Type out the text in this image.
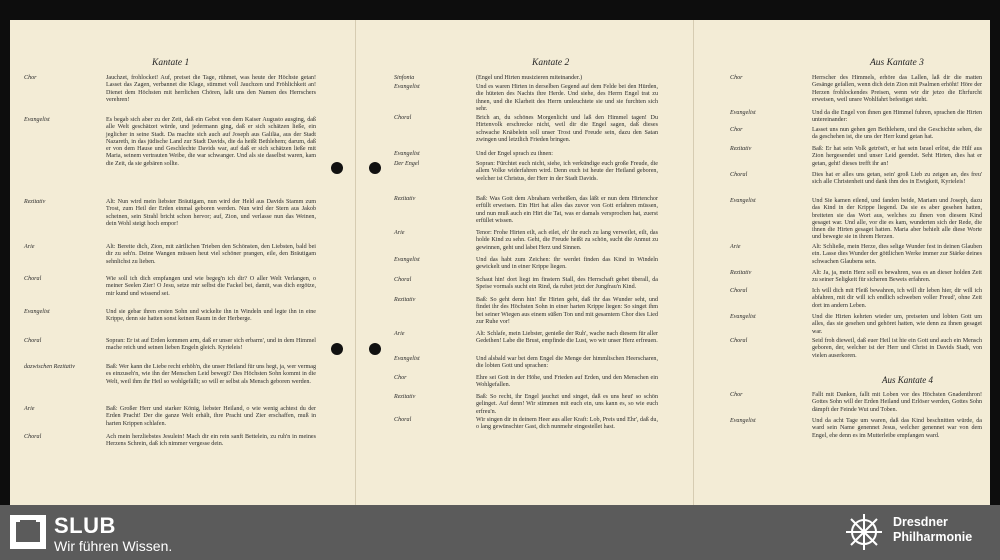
Kantate 1
Chor	Jauchzet, frohlocket! Auf, preiset die Tage, rühmet, was heute der Höchste getan! Lasset das Zagen, verbannet die Klage, stimmet voll Jauchzen und Fröhlichkeit an! Dienet dem Höchsten mit herrlichen Chören, laßt uns den Namen des Herrschers verehren!
Evangelist	Es begab sich aber zu der Zeit, daß ein Gebot von dem Kaiser Augusto ausging, daß alle Welt geschätzet würde, und jedermann ging, daß er sich schätzen ließe, ein jeglicher in seine Stadt. Da machte sich auch auf Joseph aus Galiläa, aus der Stadt Nazareth, in das jüdische Land zur Stadt Davids, die da heißt Bethlehem; darum, daß er von dem Hause und Geschlechte Davids war, auf daß er sich schätzen ließe mit Maria, seinem vertrauten Weibe, die war schwanger. Und als sie daselbst waren, kam die Zeit, da sie gebären sollte.
Rezitativ	Alt: Nun wird mein liebster Bräutigam, nun wird der Held aus Davids Stamm zum Trost, zum Heil der Erden einmal geboren werden. Nun wird der Stern aus Jakob scheinen, sein Strahl bricht schon hervor; auf, Zion, und verlasse nun das Weinen, dein Wohl steigt hoch empor!
Arie	Alt: Bereite dich, Zion, mit zärtlichen Trieben den Schönsten, den Liebsten, bald bei dir zu seh'n. Deine Wangen müssen heut viel schöner prangen, eile, den Bräutigam sehnlichst zu lieben.
Choral	Wie soll ich dich empfangen und wie begeg'n ich dir? O aller Welt Verlangen, o meiner Seelen Zier! O Jesu, setze mir selbst die Fackel bei, damit, was dich ergötze, mir kund und wissend sei.
Evangelist	Und sie gebar ihren ersten Sohn und wickelte ihn in Windeln und legte ihn in eine Krippe, denn sie hatten sonst keinen Raum in der Herberge.
Choral	Sopran: Er ist auf Erden kommen arm, daß er unser sich erbarm', und in dem Himmel mache reich und seinen lieben Engeln gleich. Kyrieleis!
dazwischen Rezitativ	Baß: Wer kann die Liebe recht erhöh'n, die unser Heiland für uns hegt, ja, wer vermag es einzuseh'n, wie ihn der Menschen Leid bewegt? Des Höchsten Sohn kommt in die Welt, weil ihm ihr Heil so wohlgefällt; so will er selbst als Mensch geboren werden.
Arie	Baß: Großer Herr und starker König, liebster Heiland, o wie wenig achtest du der Erden Pracht! Der die ganze Welt erhält, ihre Pracht und Zier erschaffen, muß in harten Krippen schlafen.
Choral	Ach mein herzliebstes Jesulein! Mach dir ein rein sanft Bettelein, zu ruh'n in meines Herzens Schrein, daß ich nimmer vergesse dein.
Kantate 2
Sinfonia	(Engel und Hirten musizieren miteinander.)
Evangelist	Und es waren Hirten in derselben Gegend auf dem Felde bei den Hürden, die hüteten des Nachts ihre Herde. Und siehe, des Herrn Engel trat zu ihnen, und die Klarheit des Herrn umleuchtete sie und sie furchten sich sehr.
Choral	Brich an, du schönes Morgenlicht und laß den Himmel tagen! Du Hirtenvolk erschrecke nicht, weil dir die Engel sagen, daß dieses schwache Knäbelein soll unser Trost und Freude sein, dazu den Satan zwingen und letztlich Frieden bringen.
Evangelist	Und der Engel sprach zu ihnen:
Der Engel	Sopran: Fürchtet euch nicht, siehe, ich verkündige euch große Freude, die allem Volke widerfahren wird. Denn euch ist heute der Heiland geboren, welcher ist Christus, der Herr in der Stadt Davids.
Rezitativ	Baß: Was Gott dem Abraham verheißen, das läßt er nun dem Hirtenchor erfüllt erweisen. Ein Hirt hat alles das zuvor von Gott erfahren müssen, und nun muß auch ein Hirt die Tat, was er damals versprochen hat, zuerst erfüllet wissen.
Arie	Tenor: Frohe Hirten eilt, ach eilet, eh' ihr euch zu lang verweilet, eilt, das holde Kind zu sehn. Geht, die Freude heißt zu schön, sucht die Anmut zu gewinnen, geht und labet Herz und Sinnen.
Evangelist	Und das habt zum Zeichen: ihr werdet finden das Kind in Windeln gewickelt und in einer Krippe liegen.
Choral	Schaut hin! dort liegt im finstern Stall, des Herrschaft gehet überall, da Speise vormals sucht ein Rind, da ruhet jetzt der Jungfrau'n Kind.
Rezitativ	Baß: So geht denn hin! Ihr Hirten geht, daß ihr das Wunder seht, und findet ihr des Höchsten Sohn in einer harten Krippe liegen: So singet ihm bei seiner Wiegen aus einem süßen Ton und mit gesamtem Chor dies Lied zur Ruhe vor!
Arie	Alt: Schlafe, mein Liebster, genieße der Ruh', wache nach diesem für aller Gedeihen! Labe die Brust, empfinde die Lust, wo wir unser Herz erfreuen.
Evangelist	Und alsbald war bei dem Engel die Menge der himmlischen Heerscharen, die lobten Gott und sprachen:
Chor	Ehre sei Gott in der Höhe, und Frieden auf Erden, und den Menschen ein Wohlgefallen.
Rezitativ	Baß: So recht, ihr Engel jauchzt und singet, daß es uns heut' so schön gelinget. Auf denn! Wir stimmen mit euch ein, uns kann es, so wie euch erfreu'n.
Choral	Wir singen dir in deinem Heer aus aller Kraft: Lob, Preis und Ehr', daß du, o lang gewünschter Gast, dich nunmehr eingestellet hast.
Aus Kantate 3
Chor	Herrscher des Himmels, erhöre das Lallen, laß dir die matten Gesänge gefallen, wenn dich dein Zion mit Psalmen erhöht! Höre der Herzen frohlockendes Preisen, wenn wir dir jetzo die Ehrfurcht erweisen, weil unsre Wohlfahrt befestiget steht.
Evangelist	Und da die Engel von ihnen gen Himmel fuhren, sprachen die Hirten untereinander:
Chor	Lasset uns nun gehen gen Bethlehem, und die Geschichte sehen, die da geschehen ist, die uns der Herr kund getan hat.
Rezitativ	Baß: Er hat sein Volk getröst't, er hat sein Israel erlöst, die Hilf aus Zion hergesendet und unser Leid geendet. Seht Hirten, dies hat er getan, geht! dieses trefft ihr an!
Choral	Dies hat er alles uns getan, sein' groß Lieb zu zeigen an, des freu' sich alle Christenheit und dank ihm des in Ewigkeit, Kyrieleis!
Evangelist	Und Sie kamen eilend, und fanden beide, Mariam und Joseph, dazu das Kind in der Krippe liegend. Da sie es aber gesehen hatten, breiteten sie das Wort aus, welches zu ihnen von diesem Kind gesaget war. Und alle, vor die es kam, wunderten sich der Rede, die ihnen die Hirten gesaget hatten. Maria aber behielt alle diese Worte und bewegte sie in ihrem Herzen.
Arie	Alt: Schließe, mein Herze, dies selige Wunder fest in deinen Glauben ein. Lasse dies Wunder der göttlichen Werke immer zur Stärke deines schwachen Glaubens sein.
Rezitativ	Alt: Ja, ja, mein Herz soll es bewahren, was es an dieser holden Zeit zu seiner Seligkeit für sicheren Beweis erfahren.
Choral	Ich will dich mit Fleiß bewahren, ich will dir leben hier, dir will ich abfahren, mit dir will ich endlich schweben voller Freud', ohne Zeit dort im andern Leben.
Evangelist	Und die Hirten kehrten wieder um, preiseten und lobten Gott um alles, das sie gesehen und gehöret hatten, wie denn zu ihnen gesaget war.
Choral	Seid froh dieweil, daß euer Heil ist hie ein Gott und auch ein Mensch geboren, der, welcher ist der Herr und Christ in Davids Stadt, von vielen auserkoren.
Aus Kantate 4
Chor	Fallt mit Danken, fallt mit Loben vor des Höchsten Gnadenthron! Gottes Sohn will der Erden Heiland und Erlöser werden, Gottes Sohn dämpft der Feinde Wut und Toben.
Evangelist	Und da acht Tage um waren, daß das Kind beschnitten würde, da ward sein Name genennet Jesus, welcher genennet war von dem Engel, ehe denn es im Mutterleibe empfangen ward.
SLUB
Wir führen Wissen.
Dresdner
Philharmonie
